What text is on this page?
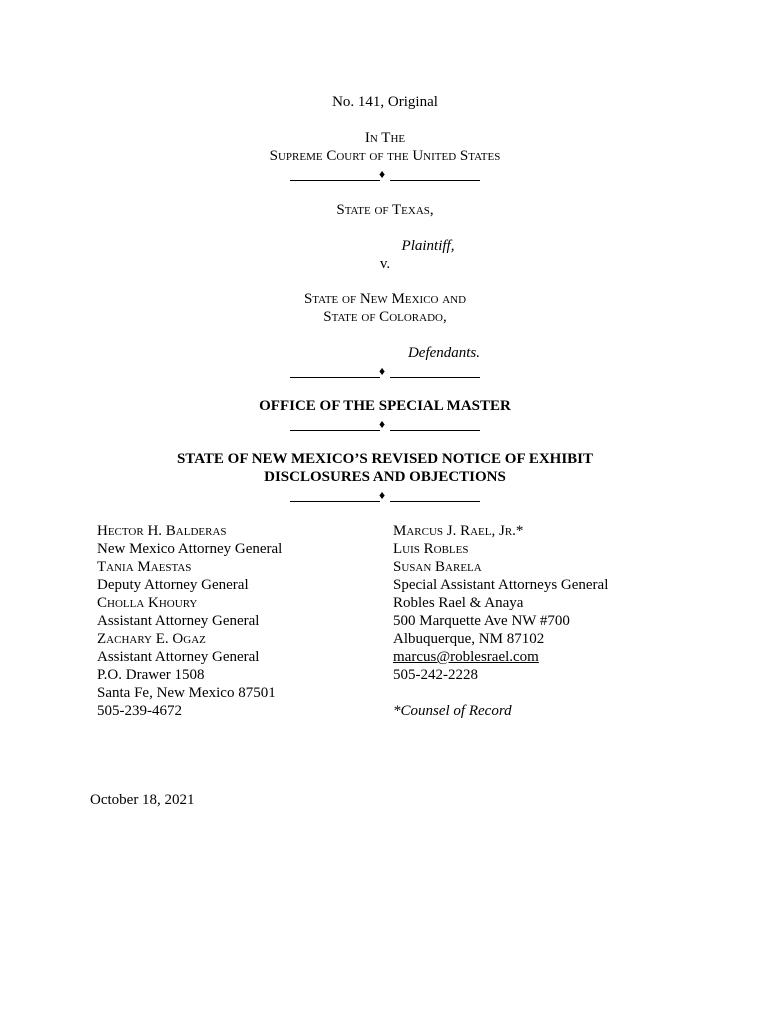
No. 141, Original
In The
Supreme Court of the United States
♦
State of Texas,
Plaintiff,
v.
State of New Mexico and
State of Colorado,
Defendants.
♦
OFFICE OF THE SPECIAL MASTER
♦
STATE OF NEW MEXICO’S REVISED NOTICE OF EXHIBIT
DISCLOSURES AND OBJECTIONS
♦
Hector H. Balderas
New Mexico Attorney General
Tania Maestas
Deputy Attorney General
Cholla Khoury
Assistant Attorney General
Zachary E. Ogaz
Assistant Attorney General
P.O. Drawer 1508
Santa Fe, New Mexico 87501
505-239-4672
Marcus J. Rael, Jr.*
Luis Robles
Susan Barela
Special Assistant Attorneys General
Robles Rael & Anaya
500 Marquette Ave NW #700
Albuquerque, NM 87102
marcus@roblesrael.com
505-242-2228
*Counsel of Record
October 18, 2021
